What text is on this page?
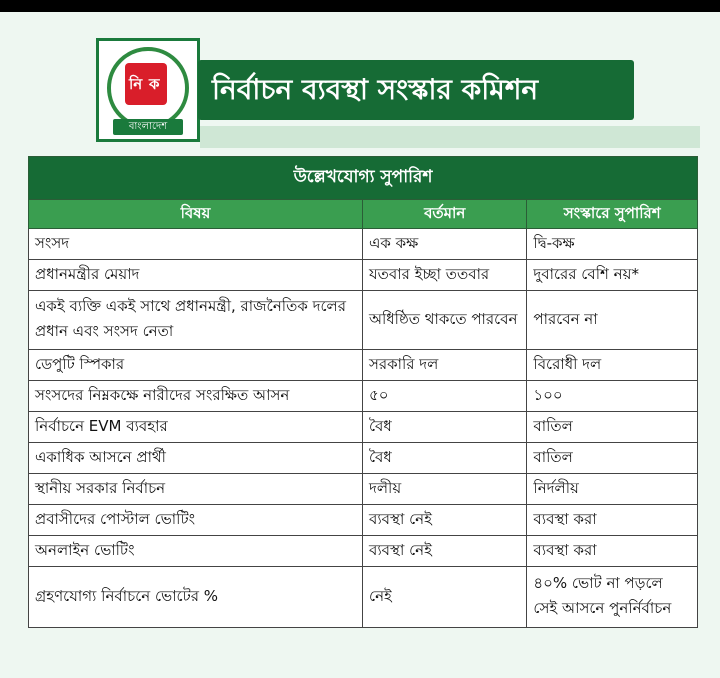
নি ক
বাংলাদেশ
নির্বাচন ব্যবস্থা সংস্কার কমিশন
উল্লেখযোগ্য সুপারিশ		
বিষয়	বর্তমান	সংস্কারে সুপারিশ
সংসদ	এক কক্ষ	দ্বি-কক্ষ
প্রধানমন্ত্রীর মেয়াদ	যতবার ইচ্ছা ততবার	দুবারের বেশি নয়*
একই ব্যক্তি একই সাথে প্রধানমন্ত্রী, রাজনৈতিক দলের প্রধান এবং সংসদ নেতা	অধিষ্ঠিত থাকতে পারবেন	পারবেন না
ডেপুটি স্পিকার	সরকারি দল	বিরোধী দল
সংসদের নিম্নকক্ষে নারীদের সংরক্ষিত আসন	৫০	১০০
নির্বাচনে EVM ব্যবহার	বৈধ	বাতিল
একাধিক আসনে প্রার্থী	বৈধ	বাতিল
স্থানীয় সরকার নির্বাচন	দলীয়	নির্দলীয়
প্রবাসীদের পোস্টাল ভোটিং	ব্যবস্থা নেই	ব্যবস্থা করা
অনলাইন ভোটিং	ব্যবস্থা নেই	ব্যবস্থা করা
গ্রহণযোগ্য নির্বাচনে ভোটের %	নেই	৪০% ভোট না পড়লে সেই আসনে পুনর্নির্বাচন
